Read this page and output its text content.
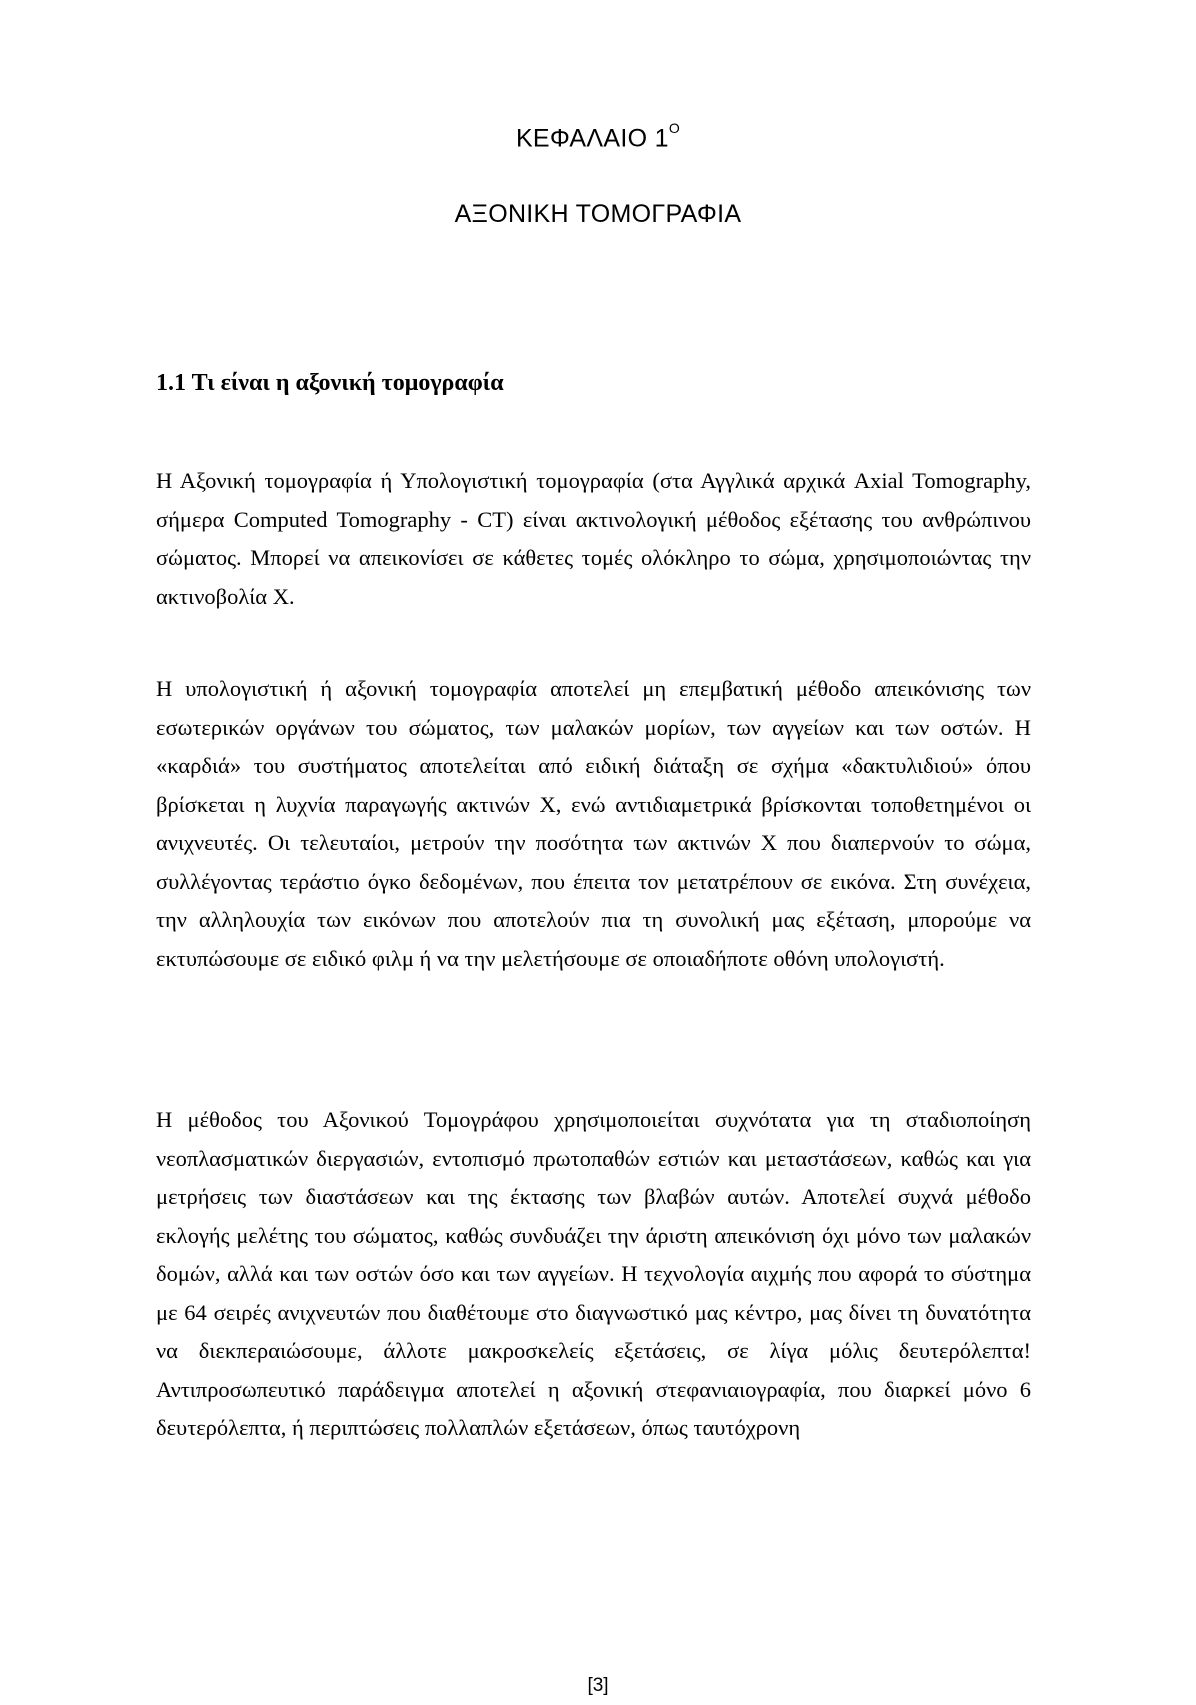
ΚΕΦΑΛΑΙΟ $1^O$
ΑΞΟΝΙΚΗ ΤΟΜΟΓΡΑΦΙΑ
1.1 Τι είναι η αξονική τομογραφία

Η Αξονική τομογραφία ή Υπολογιστική τομογραφία (στα Αγγλικά αρχικά Axial Tomography, σήμερα Computed Tomography - CT) είναι ακτινολογική μέθοδος εξέτασης του ανθρώπινου σώματος. Μπορεί να απεικονίσει σε κάθετες τομές ολόκληρο το σώμα, χρησιμοποιώντας την ακτινοβολία X.

Η υπολογιστική ή αξονική τομογραφία αποτελεί μη επεμβατική μέθοδο απεικόνισης των εσωτερικών οργάνων του σώματος, των μαλακών μορίων, των αγγείων και των οστών. Η «καρδιά» του συστήματος αποτελείται από ειδική διάταξη σε σχήμα «δακτυλιδιού» όπου βρίσκεται η λυχνία παραγωγής ακτινών X, ενώ αντιδιαμετρικά βρίσκονται τοποθετημένοι οι ανιχνευτές. Οι τελευταίοι, μετρούν την ποσότητα των ακτινών X που διαπερνούν το σώμα, συλλέγοντας τεράστιο όγκο δεδομένων, που έπειτα τον μετατρέπουν σε εικόνα. Στη συνέχεια, την αλληλουχία των εικόνων που αποτελούν πια τη συνολική μας εξέταση, μπορούμε να εκτυπώσουμε σε ειδικό φιλμ ή να την μελετήσουμε σε οποιαδήποτε οθόνη υπολογιστή.

Η μέθοδος του Αξονικού Τομογράφου χρησιμοποιείται συχνότατα για τη σταδιοποίηση νεοπλασματικών διεργασιών, εντοπισμό πρωτοπαθών εστιών και μεταστάσεων, καθώς και για μετρήσεις των διαστάσεων και της έκτασης των βλαβών αυτών. Αποτελεί συχνά μέθοδο εκλογής μελέτης του σώματος, καθώς συνδυάζει την άριστη απεικόνιση όχι μόνο των μαλακών δομών, αλλά και των οστών όσο και των αγγείων. Η τεχνολογία αιχμής που αφορά το σύστημα με 64 σειρές ανιχνευτών που διαθέτουμε στο διαγνωστικό μας κέντρο, μας δίνει τη δυνατότητα να διεκπεραιώσουμε, άλλοτε μακροσκελείς εξετάσεις, σε λίγα μόλις δευτερόλεπτα! Αντιπροσωπευτικό παράδειγμα αποτελεί η αξονική στεφανιαιογραφία, που διαρκεί μόνο 6 δευτερόλεπτα, ή περιπτώσεις πολλαπλών εξετάσεων, όπως ταυτόχρονη

[3]
